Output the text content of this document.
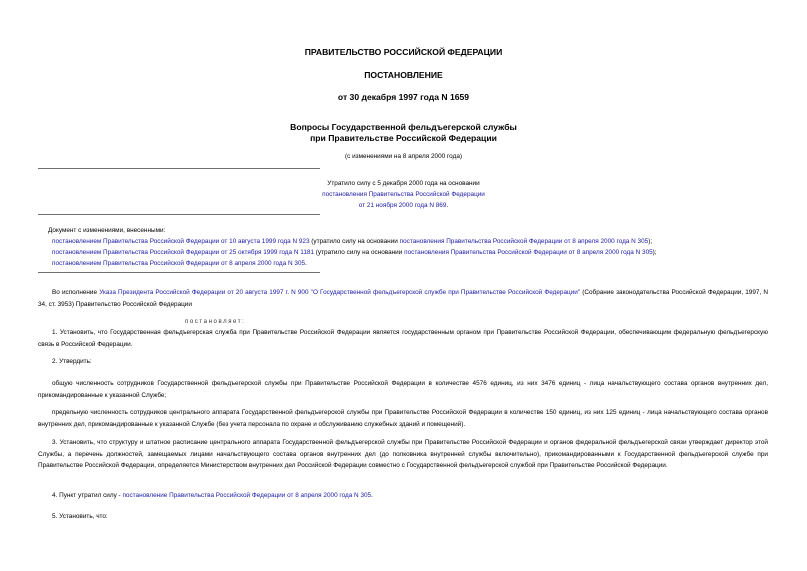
ПРАВИТЕЛЬСТВО РОССИЙСКОЙ ФЕДЕРАЦИИ
ПОСТАНОВЛЕНИЕ
от 30 декабря 1997 года N 1659
Вопросы Государственной фельдъегерской службы
при Правительстве Российской Федерации
(с изменениями на 8 апреля 2000 года)
Утратило силу с 5 декабря 2000 года на основании
постановления Правительства Российской Федерации
от 21 ноября 2000 года N 869.
Документ с изменениями, внесенными:
постановлением Правительства Российской Федерации от 10 августа 1999 года N 923 (утратило силу на основании постановления Правительства Российской Федерации от 8 апреля 2000 года N 305);
постановлением Правительства Российской Федерации от 25 октября 1999 года N 1181 (утратило силу на основании постановления Правительства Российской Федерации от 8 апреля 2000 года N 305);
постановлением Правительства Российской Федерации от 8 апреля 2000 года N 305.
Во исполнение Указа Президента Российской Федерации от 20 августа 1997 г. N 900 "О Государственной фельдъегерской службе при Правительстве Российской Федерации" (Собрание законодательства Российской Федерации, 1997, N 34, ст. 3953) Правительство Российской Федерации
постановляет:
1. Установить, что Государственная фельдъегерская служба при Правительстве Российской Федерации является государственным органом при Правительстве Российской Федерации, обеспечивающим федеральную фельдъегерскую связь в Российской Федерации.
2. Утвердить:
общую численность сотрудников Государственной фельдъегерской службы при Правительстве Российской Федерации в количестве 4576 единиц, из них 3476 единиц - лица начальствующего состава органов внутренних дел, прикомандированные к указанной Службе;
предельную численность сотрудников центрального аппарата Государственной фельдъегерской службы при Правительстве Российской Федерации в количестве 150 единиц, из них 125 единиц - лица начальствующего состава органов внутренних дел, прикомандированные к указанной Службе (без учета персонала по охране и обслуживанию служебных зданий и помещений).
3. Установить, что структуру и штатное расписание центрального аппарата Государственной фельдъегерской службы при Правительстве Российской Федерации и органов федеральной фельдъегерской связи утверждает директор этой Службы, а перечень должностей, замещаемых лицами начальствующего состава органов внутренних дел (до полковника внутренней службы включительно), прикомандированными к Государственной фельдъегерской службе при Правительстве Российской Федерации, определяется Министерством внутренних дел Российской Федерации совместно с Государственной фельдъегерской службой при Правительстве Российской Федерации.
4. Пункт утратил силу - постановление Правительства Российской Федерации от 8 апреля 2000 года N 305.
5. Установить, что:
